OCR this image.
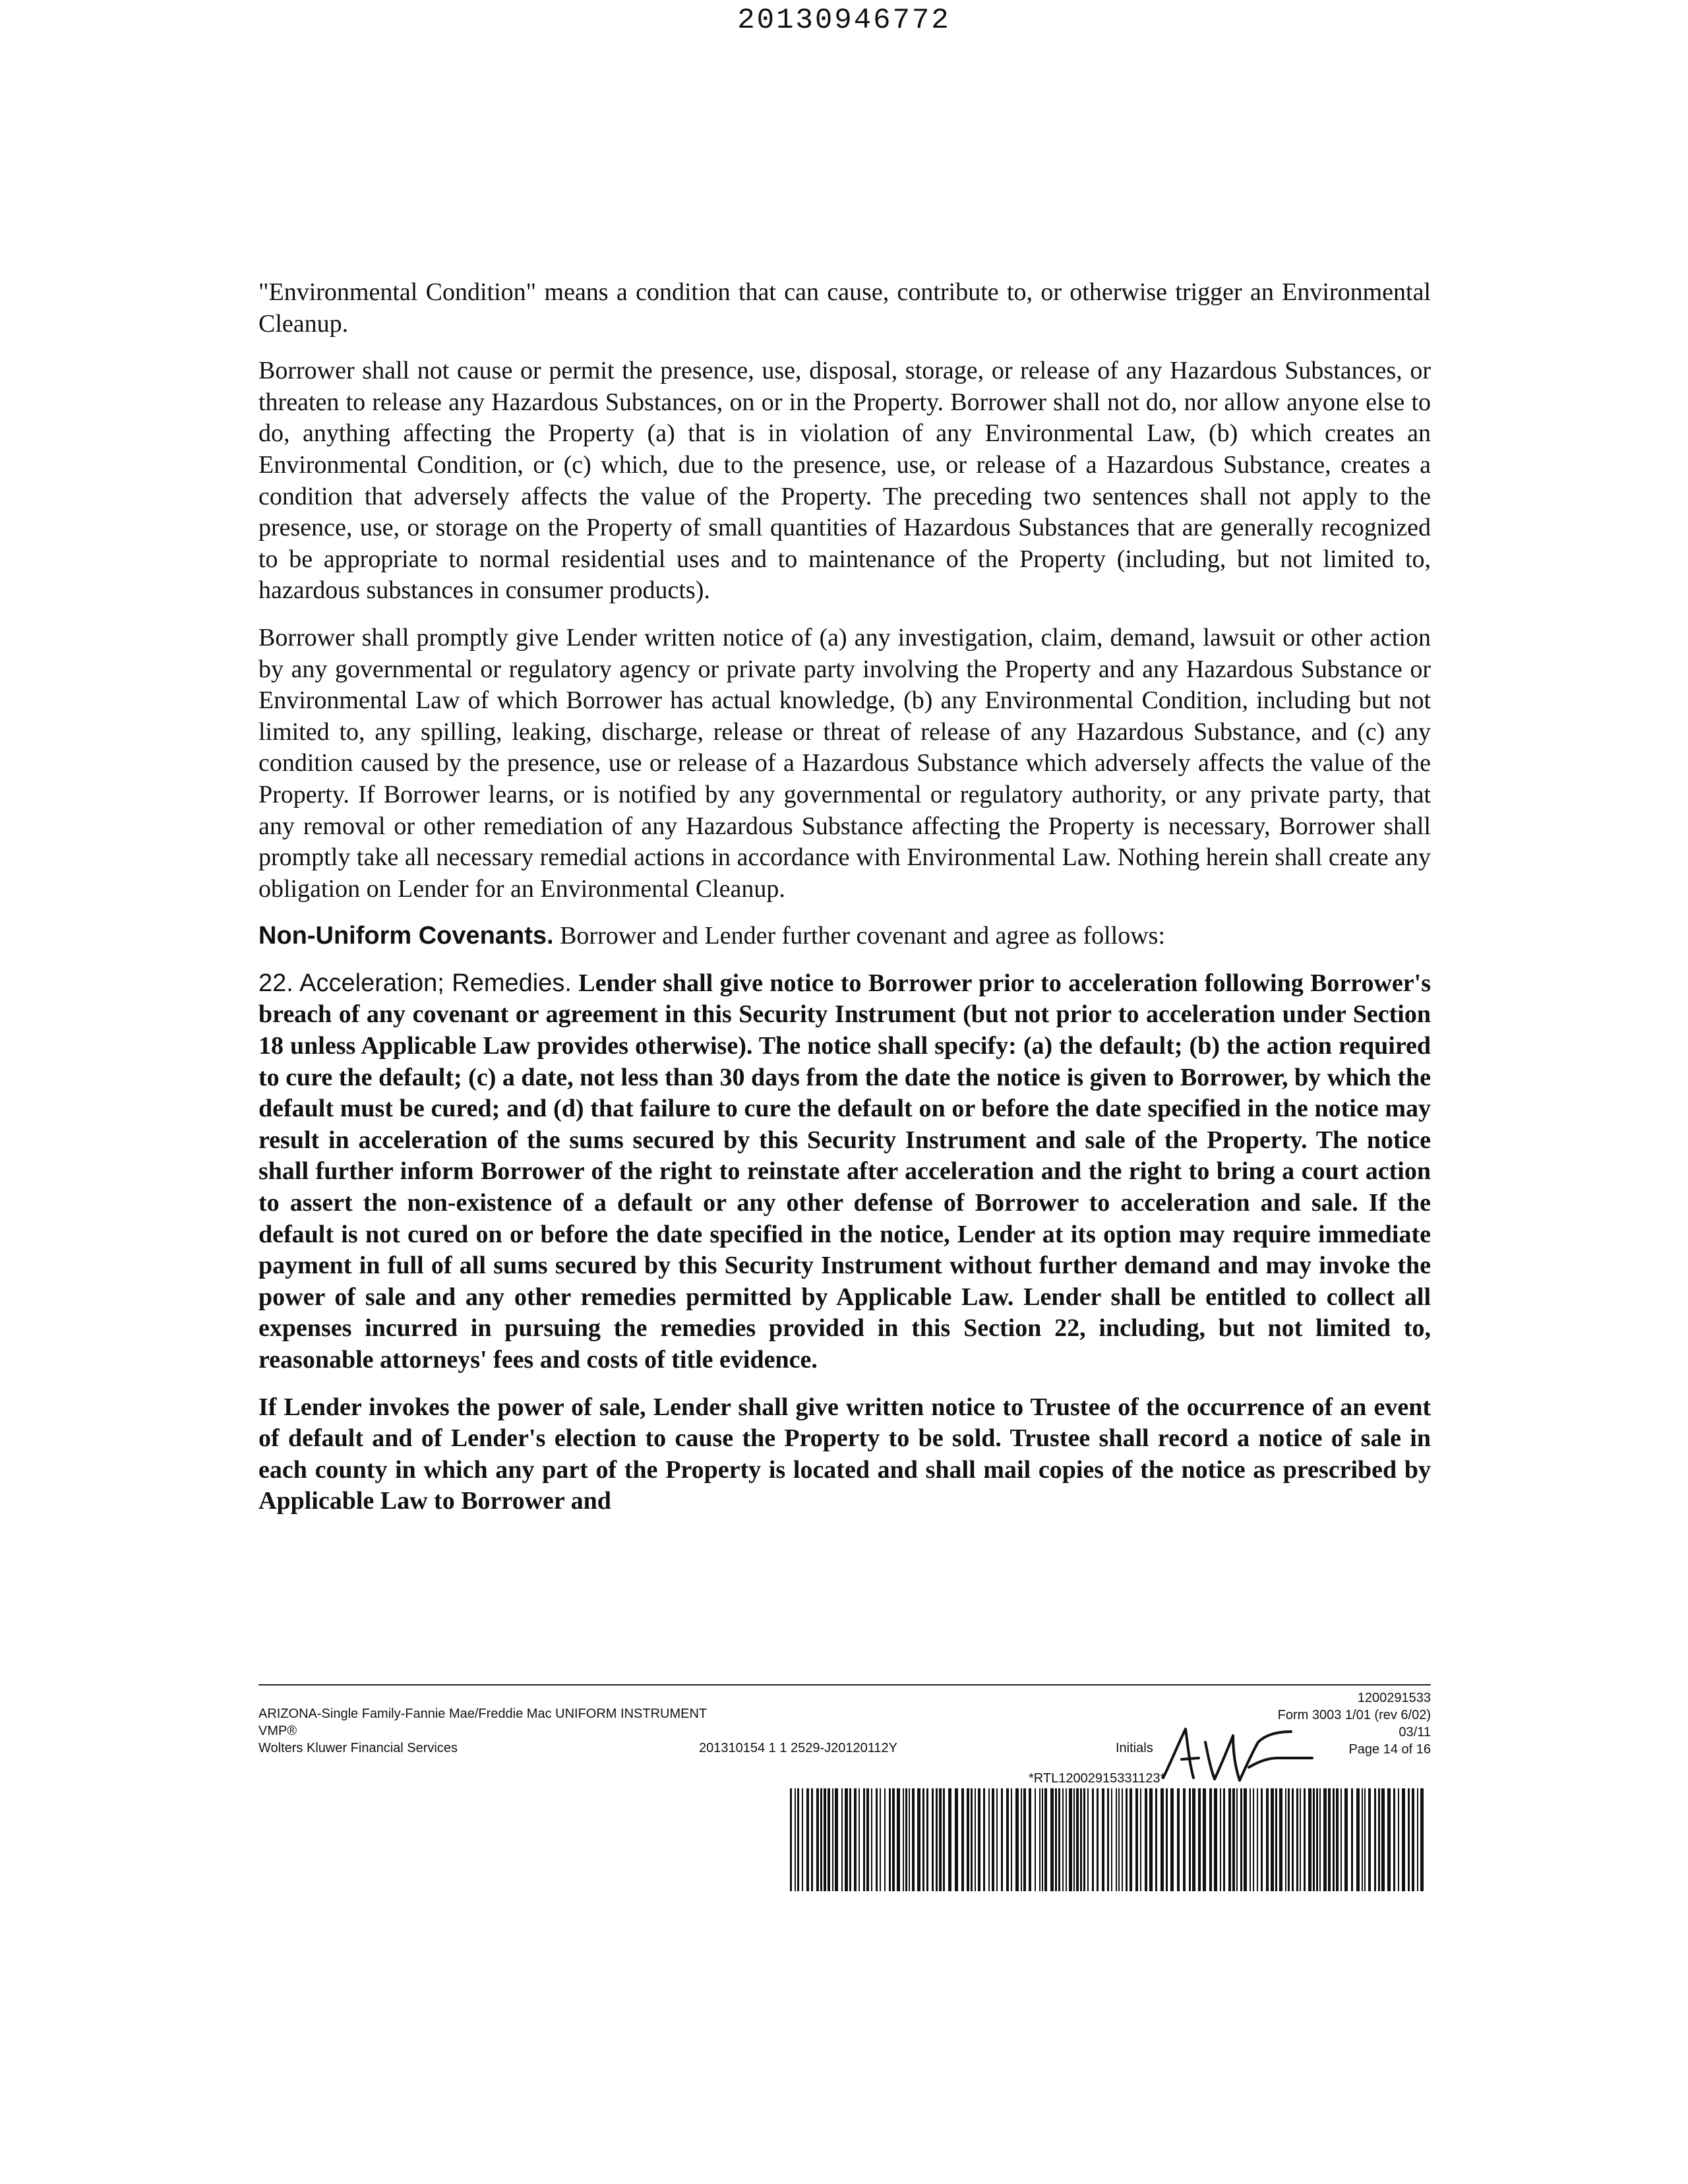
20130946772

"Environmental Condition" means a condition that can cause, contribute to, or otherwise trigger an Environmental Cleanup.

Borrower shall not cause or permit the presence, use, disposal, storage, or release of any Hazardous Substances, or threaten to release any Hazardous Substances, on or in the Property. Borrower shall not do, nor allow anyone else to do, anything affecting the Property (a) that is in violation of any Environmental Law, (b) which creates an Environmental Condition, or (c) which, due to the presence, use, or release of a Hazardous Substance, creates a condition that adversely affects the value of the Property. The preceding two sentences shall not apply to the presence, use, or storage on the Property of small quantities of Hazardous Substances that are generally recognized to be appropriate to normal residential uses and to maintenance of the Property (including, but not limited to, hazardous substances in consumer products).

Borrower shall promptly give Lender written notice of (a) any investigation, claim, demand, lawsuit or other action by any governmental or regulatory agency or private party involving the Property and any Hazardous Substance or Environmental Law of which Borrower has actual knowledge, (b) any Environmental Condition, including but not limited to, any spilling, leaking, discharge, release or threat of release of any Hazardous Substance, and (c) any condition caused by the presence, use or release of a Hazardous Substance which adversely affects the value of the Property. If Borrower learns, or is notified by any governmental or regulatory authority, or any private party, that any removal or other remediation of any Hazardous Substance affecting the Property is necessary, Borrower shall promptly take all necessary remedial actions in accordance with Environmental Law. Nothing herein shall create any obligation on Lender for an Environmental Cleanup.

Non-Uniform Covenants. Borrower and Lender further covenant and agree as follows:

22. Acceleration; Remedies. Lender shall give notice to Borrower prior to acceleration following Borrower's breach of any covenant or agreement in this Security Instrument (but not prior to acceleration under Section 18 unless Applicable Law provides otherwise). The notice shall specify: (a) the default; (b) the action required to cure the default; (c) a date, not less than 30 days from the date the notice is given to Borrower, by which the default must be cured; and (d) that failure to cure the default on or before the date specified in the notice may result in acceleration of the sums secured by this Security Instrument and sale of the Property. The notice shall further inform Borrower of the right to reinstate after acceleration and the right to bring a court action to assert the non-existence of a default or any other defense of Borrower to acceleration and sale. If the default is not cured on or before the date specified in the notice, Lender at its option may require immediate payment in full of all sums secured by this Security Instrument without further demand and may invoke the power of sale and any other remedies permitted by Applicable Law. Lender shall be entitled to collect all expenses incurred in pursuing the remedies provided in this Section 22, including, but not limited to, reasonable attorneys' fees and costs of title evidence.

If Lender invokes the power of sale, Lender shall give written notice to Trustee of the occurrence of an event of default and of Lender's election to cause the Property to be sold. Trustee shall record a notice of sale in each county in which any part of the Property is located and shall mail copies of the notice as prescribed by Applicable Law to Borrower and

ARIZONA-Single Family-Fannie Mae/Freddie Mac UNIFORM INSTRUMENT
VMP®
Wolters Kluwer Financial Services	201310154 1 1 2529-J20120112Y	Initials
1200291533
Form 3003 1/01 (rev 6/02)
03/11
Page 14 of 16
*RTL12002915331123*
